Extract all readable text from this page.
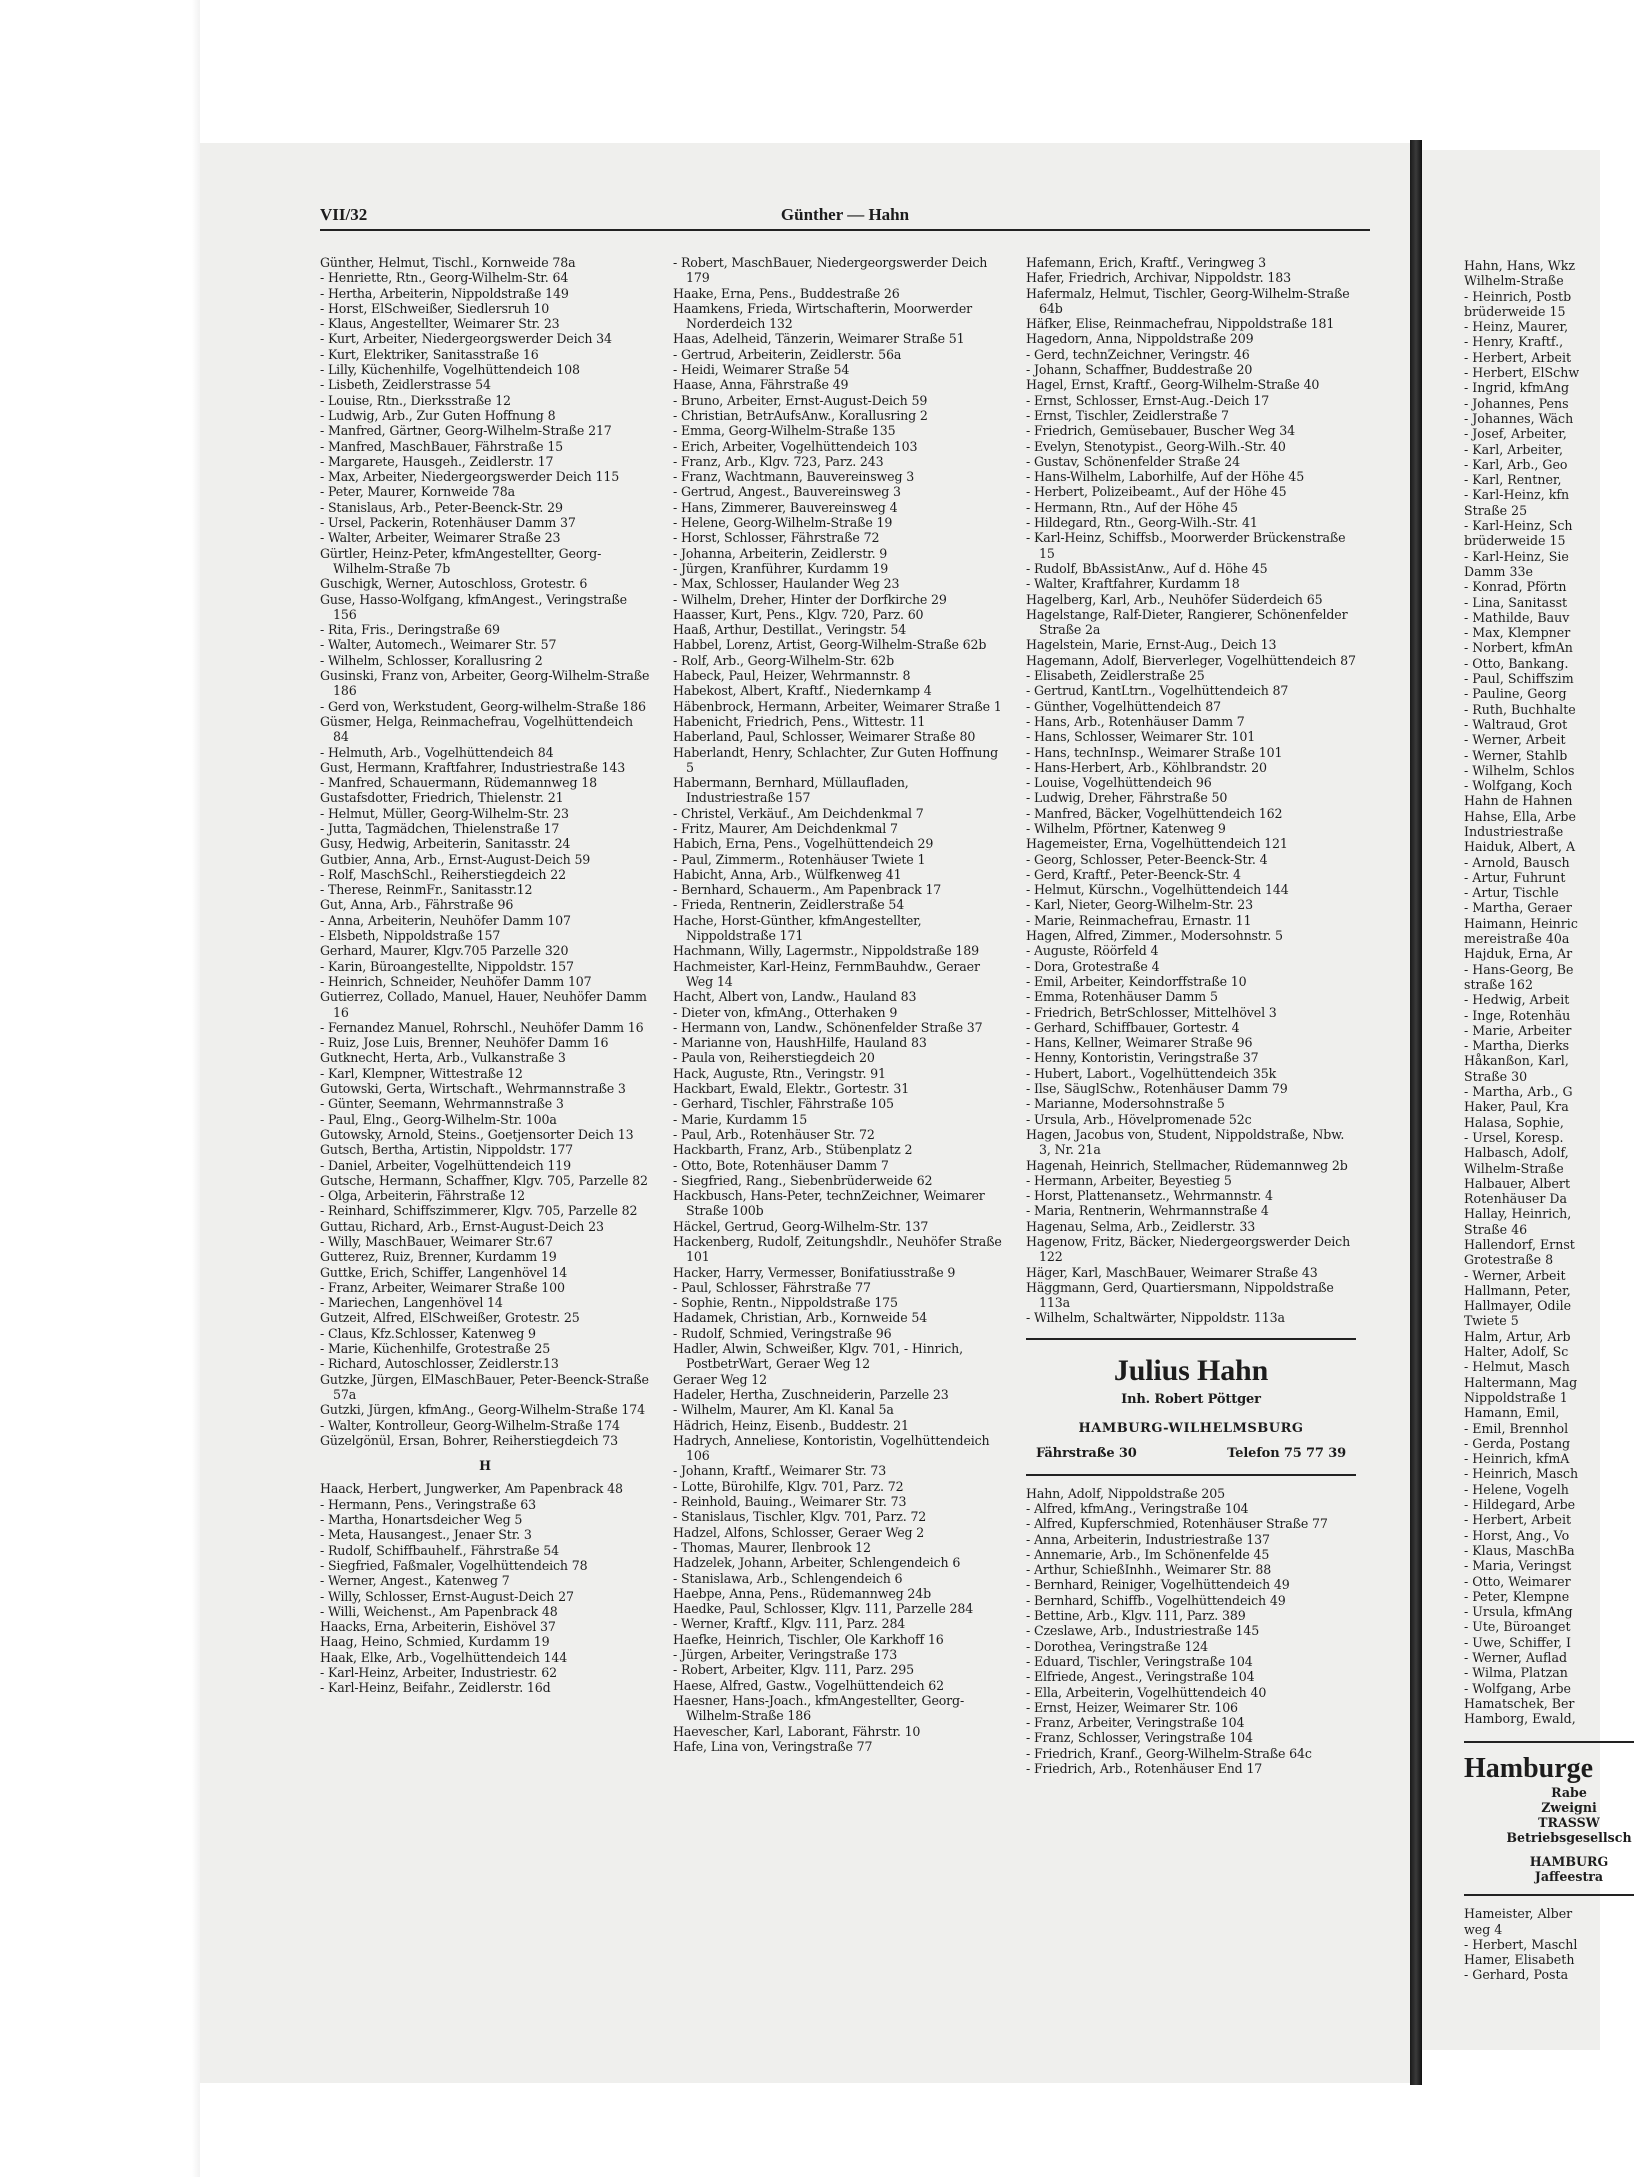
VII/32	Günther — Hahn
Günther, Helmut, Tischl., Kornweide 78a
- Henriette, Rtn., Georg-Wilhelm-Str. 64
- Hertha, Arbeiterin, Nippoldstraße 149
- Horst, ElSchweißer, Siedlersruh 10
- Klaus, Angestellter, Weimarer Str. 23
- Kurt, Arbeiter, Niedergeorgswerder Deich 34
- Kurt, Elektriker, Sanitasstraße 16
- Lilly, Küchenhilfe, Vogelhüttendeich 108
- Lisbeth, Zeidlerstrasse 54
- Louise, Rtn., Dierksstraße 12
- Ludwig, Arb., Zur Guten Hoffnung 8
- Manfred, Gärtner, Georg-Wilhelm-Straße 217
- Manfred, MaschBauer, Fährstraße 15
- Margarete, Hausgeh., Zeidlerstr. 17
- Max, Arbeiter, Niedergeorgswerder Deich 115
- Peter, Maurer, Kornweide 78a
- Stanislaus, Arb., Peter-Beenck-Str. 29
- Ursel, Packerin, Rotenhäuser Damm 37
- Walter, Arbeiter, Weimarer Straße 23
Gürtler, Heinz-Peter, kfmAngestellter, Georg-Wilhelm-Straße 7b
Guschigk, Werner, Autoschloss, Grotestr. 6
Guse, Hasso-Wolfgang, kfmAngest., Veringstraße 156
- Rita, Fris., Deringstraße 69
- Walter, Automech., Weimarer Str. 57
- Wilhelm, Schlosser, Korallusring 2
Gusinski, Franz von, Arbeiter, Georg-Wilhelm-Straße 186
- Gerd von, Werkstudent, Georg-wilhelm-Straße 186
Güsmer, Helga, Reinmachefrau, Vogelhüttendeich 84
- Helmuth, Arb., Vogelhüttendeich 84
Gust, Hermann, Kraftfahrer, Industriestraße 143
- Manfred, Schauermann, Rüdemannweg 18
Gustafsdotter, Friedrich, Thielenstr. 21
- Helmut, Müller, Georg-Wilhelm-Str. 23
- Jutta, Tagmädchen, Thielenstraße 17
Gusy, Hedwig, Arbeiterin, Sanitasstr. 24
Gutbier, Anna, Arb., Ernst-August-Deich 59
- Rolf, MaschSchl., Reiherstiegdeich 22
- Therese, ReinmFr., Sanitasstr.12
Gut, Anna, Arb., Fährstraße 96
- Anna, Arbeiterin, Neuhöfer Damm 107
- Elsbeth, Nippoldstraße 157
Gerhard, Maurer, Klgv.705 Parzelle 320
- Karin, Büroangestellte, Nippoldstr. 157
- Heinrich, Schneider, Neuhöfer Damm 107
Gutierrez, Collado, Manuel, Hauer, Neuhöfer Damm 16
- Fernandez Manuel, Rohrschl., Neuhöfer Damm 16
- Ruiz, Jose Luis, Brenner, Neuhöfer Damm 16
Gutknecht, Herta, Arb., Vulkanstraße 3
- Karl, Klempner, Wittestraße 12
Gutowski, Gerta, Wirtschaft., Wehrmannstraße 3
- Günter, Seemann, Wehrmannstraße 3
- Paul, Elng., Georg-Wilhelm-Str. 100a
Gutowsky, Arnold, Steins., Goetjensorter Deich 13
Gutsch, Bertha, Artistin, Nippoldstr. 177
- Daniel, Arbeiter, Vogelhüttendeich 119
Gutsche, Hermann, Schaffner, Klgv. 705, Parzelle 82
- Olga, Arbeiterin, Fährstraße 12
- Reinhard, Schiffszimmerer, Klgv. 705, Parzelle 82
Guttau, Richard, Arb., Ernst-August-Deich 23
- Willy, MaschBauer, Weimarer Str.67
Gutterez, Ruiz, Brenner, Kurdamm 19
Guttke, Erich, Schiffer, Langenhövel 14
- Franz, Arbeiter, Weimarer Straße 100
- Mariechen, Langenhövel 14
Gutzeit, Alfred, ElSchweißer, Grotestr. 25
- Claus, Kfz.Schlosser, Katenweg 9
- Marie, Küchenhilfe, Grotestraße 25
- Richard, Autoschlosser, Zeidlerstr.13
Gutzke, Jürgen, ElMaschBauer, Peter-Beenck-Straße 57a
Gutzki, Jürgen, kfmAng., Georg-Wilhelm-Straße 174
- Walter, Kontrolleur, Georg-Wilhelm-Straße 174
Güzelgönül, Ersan, Bohrer, Reiherstiegdeich 73
H
Haack, Herbert, Jungwerker, Am Papenbrack 48
- Hermann, Pens., Veringstraße 63
- Martha, Honartsdeicher Weg 5
- Meta, Hausangest., Jenaer Str. 3
- Rudolf, Schiffbauhelf., Fährstraße 54
- Siegfried, Faßmaler, Vogelhüttendeich 78
- Werner, Angest., Katenweg 7
- Willy, Schlosser, Ernst-August-Deich 27
- Willi, Weichenst., Am Papenbrack 48
Haacks, Erna, Arbeiterin, Eishövel 37
Haag, Heino, Schmied, Kurdamm 19
Haak, Elke, Arb., Vogelhüttendeich 144
- Karl-Heinz, Arbeiter, Industriestr. 62
- Karl-Heinz, Beifahr., Zeidlerstr. 16d
- Robert, MaschBauer, Niedergeorgswerder Deich 179
Haake, Erna, Pens., Buddestraße 26
Haamkens, Frieda, Wirtschafterin, Moorwerder Norderdeich 132
Haas, Adelheid, Tänzerin, Weimarer Straße 51
- Gertrud, Arbeiterin, Zeidlerstr. 56a
- Heidi, Weimarer Straße 54
Haase, Anna, Fährstraße 49
- Bruno, Arbeiter, Ernst-August-Deich 59
- Christian, BetrAufsAnw., Korallusring 2
- Emma, Georg-Wilhelm-Straße 135
- Erich, Arbeiter, Vogelhüttendeich 103
- Franz, Arb., Klgv. 723, Parz. 243
- Franz, Wachtmann, Bauvereinsweg 3
- Gertrud, Angest., Bauvereinsweg 3
- Hans, Zimmerer, Bauvereinsweg 4
- Helene, Georg-Wilhelm-Straße 19
- Horst, Schlosser, Fährstraße 72
- Johanna, Arbeiterin, Zeidlerstr. 9
- Jürgen, Kranführer, Kurdamm 19
- Max, Schlosser, Haulander Weg 23
- Wilhelm, Dreher, Hinter der Dorfkirche 29
Haasser, Kurt, Pens., Klgv. 720, Parz. 60
Haaß, Arthur, Destillat., Veringstr. 54
Habbel, Lorenz, Artist, Georg-Wilhelm-Straße 62b
- Rolf, Arb., Georg-Wilhelm-Str. 62b
Habeck, Paul, Heizer, Wehrmannstr. 8
Habekost, Albert, Kraftf., Niedernkamp 4
Häbenbrock, Hermann, Arbeiter, Weimarer Straße 1
Habenicht, Friedrich, Pens., Wittestr. 11
Haberland, Paul, Schlosser, Weimarer Straße 80
Haberlandt, Henry, Schlachter, Zur Guten Hoffnung 5
Habermann, Bernhard, Müllaufladen, Industriestraße 157
- Christel, Verkäuf., Am Deichdenkmal 7
- Fritz, Maurer, Am Deichdenkmal 7
Habich, Erna, Pens., Vogelhüttendeich 29
- Paul, Zimmerm., Rotenhäuser Twiete 1
Habicht, Anna, Arb., Wülfkenweg 41
- Bernhard, Schauerm., Am Papenbrack 17
- Frieda, Rentnerin, Zeidlerstraße 54
Hache, Horst-Günther, kfmAngestellter, Nippoldstraße 171
Hachmann, Willy, Lagermstr., Nippoldstraße 189
Hachmeister, Karl-Heinz, FernmBauhdw., Geraer Weg 14
Hacht, Albert von, Landw., Hauland 83
- Dieter von, kfmAng., Otterhaken 9
- Hermann von, Landw., Schönenfelder Straße 37
- Marianne von, HaushHilfe, Hauland 83
- Paula von, Reiherstiegdeich 20
Hack, Auguste, Rtn., Veringstr. 91
Hackbart, Ewald, Elektr., Gortestr. 31
- Gerhard, Tischler, Fährstraße 105
- Marie, Kurdamm 15
- Paul, Arb., Rotenhäuser Str. 72
Hackbarth, Franz, Arb., Stübenplatz 2
- Otto, Bote, Rotenhäuser Damm 7
- Siegfried, Rang., Siebenbrüderweide 62
Hackbusch, Hans-Peter, technZeichner, Weimarer Straße 100b
Häckel, Gertrud, Georg-Wilhelm-Str. 137
Hackenberg, Rudolf, Zeitungshdlr., Neuhöfer Straße 101
Hacker, Harry, Vermesser, Bonifatiusstraße 9
- Paul, Schlosser, Fährstraße 77
- Sophie, Rentn., Nippoldstraße 175
Hadamek, Christian, Arb., Kornweide 54
- Rudolf, Schmied, Veringstraße 96
Hadler, Alwin, Schweißer, Klgv. 701, - Hinrich, PostbetrWart, Geraer Weg 12
Geraer Weg 12
Hadeler, Hertha, Zuschneiderin, Parzelle 23
- Wilhelm, Maurer, Am Kl. Kanal 5a
Hädrich, Heinz, Eisenb., Buddestr. 21
Hadrych, Anneliese, Kontoristin, Vogelhüttendeich 106
- Johann, Kraftf., Weimarer Str. 73
- Lotte, Bürohilfe, Klgv. 701, Parz. 72
- Reinhold, Bauing., Weimarer Str. 73
- Stanislaus, Tischler, Klgv. 701, Parz. 72
Hadzel, Alfons, Schlosser, Geraer Weg 2
- Thomas, Maurer, Ilenbrook 12
Hadzelek, Johann, Arbeiter, Schlengendeich 6
- Stanislawa, Arb., Schlengendeich 6
Haebpe, Anna, Pens., Rüdemannweg 24b
Haedke, Paul, Schlosser, Klgv. 111, Parzelle 284
- Werner, Kraftf., Klgv. 111, Parz. 284
Haefke, Heinrich, Tischler, Ole Karkhoff 16
- Jürgen, Arbeiter, Veringstraße 173
- Robert, Arbeiter, Klgv. 111, Parz. 295
Haese, Alfred, Gastw., Vogelhüttendeich 62
Haesner, Hans-Joach., kfmAngestellter, Georg-Wilhelm-Straße 186
Haevescher, Karl, Laborant, Fährstr. 10
Hafe, Lina von, Veringstraße 77
Hafemann, Erich, Kraftf., Veringweg 3
Hafer, Friedrich, Archivar, Nippoldstr. 183
Hafermalz, Helmut, Tischler, Georg-Wilhelm-Straße 64b
Häfker, Elise, Reinmachefrau, Nippoldstraße 181
Hagedorn, Anna, Nippoldstraße 209
- Gerd, technZeichner, Veringstr. 46
- Johann, Schaffner, Buddestraße 20
Hagel, Ernst, Kraftf., Georg-Wilhelm-Straße 40
- Ernst, Schlosser, Ernst-Aug.-Deich 17
- Ernst, Tischler, Zeidlerstraße 7
- Friedrich, Gemüsebauer, Buscher Weg 34
- Evelyn, Stenotypist., Georg-Wilh.-Str. 40
- Gustav, Schönenfelder Straße 24
- Hans-Wilhelm, Laborhilfe, Auf der Höhe 45
- Herbert, Polizeibeamt., Auf der Höhe 45
- Hermann, Rtn., Auf der Höhe 45
- Hildegard, Rtn., Georg-Wilh.-Str. 41
- Karl-Heinz, Schiffsb., Moorwerder Brückenstraße 15
- Rudolf, BbAssistAnw., Auf d. Höhe 45
- Walter, Kraftfahrer, Kurdamm 18
Hagelberg, Karl, Arb., Neuhöfer Süderdeich 65
Hagelstange, Ralf-Dieter, Rangierer, Schönenfelder Straße 2a
Hagelstein, Marie, Ernst-Aug., Deich 13
Hagemann, Adolf, Bierverleger, Vogelhüttendeich 87
- Elisabeth, Zeidlerstraße 25
- Gertrud, KantLtrn., Vogelhüttendeich 87
- Günther, Vogelhüttendeich 87
- Hans, Arb., Rotenhäuser Damm 7
- Hans, Schlosser, Weimarer Str. 101
- Hans, technInsp., Weimarer Straße 101
- Hans-Herbert, Arb., Köhlbrandstr. 20
- Louise, Vogelhüttendeich 96
- Ludwig, Dreher, Fährstraße 50
- Manfred, Bäcker, Vogelhüttendeich 162
- Wilhelm, Pförtner, Katenweg 9
Hagemeister, Erna, Vogelhüttendeich 121
- Georg, Schlosser, Peter-Beenck-Str. 4
- Gerd, Kraftf., Peter-Beenck-Str. 4
- Helmut, Kürschn., Vogelhüttendeich 144
- Karl, Nieter, Georg-Wilhelm-Str. 23
- Marie, Reinmachefrau, Ernastr. 11
Hagen, Alfred, Zimmer., Modersohnstr. 5
- Auguste, Röörfeld 4
- Dora, Grotestraße 4
- Emil, Arbeiter, Keindorffstraße 10
- Emma, Rotenhäuser Damm 5
- Friedrich, BetrSchlosser, Mittelhövel 3
- Gerhard, Schiffbauer, Gortestr. 4
- Hans, Kellner, Weimarer Straße 96
- Henny, Kontoristin, Veringstraße 37
- Hubert, Labort., Vogelhüttendeich 35k
- Ilse, SäuglSchw., Rotenhäuser Damm 79
- Marianne, Modersohnstraße 5
- Ursula, Arb., Hövelpromenade 52c
Hagen, Jacobus von, Student, Nippoldstraße, Nbw. 3, Nr. 21a
Hagenah, Heinrich, Stellmacher, Rüdemannweg 2b
- Hermann, Arbeiter, Beyestieg 5
- Horst, Plattenansetz., Wehrmannstr. 4
- Maria, Rentnerin, Wehrmannstraße 4
Hagenau, Selma, Arb., Zeidlerstr. 33
Hagenow, Fritz, Bäcker, Niedergeorgswerder Deich 122
Häger, Karl, MaschBauer, Weimarer Straße 43
Häggmann, Gerd, Quartiersmann, Nippoldstraße 113a
- Wilhelm, Schaltwärter, Nippoldstr. 113a
Julius Hahn
Inh. Robert Pöttger
HAMBURG-WILHELMSBURG
Fährstraße 30	Telefon 75 77 39
Hahn, Adolf, Nippoldstraße 205
- Alfred, kfmAng., Veringstraße 104
- Alfred, Kupferschmied, Rotenhäuser Straße 77
- Anna, Arbeiterin, Industriestraße 137
- Annemarie, Arb., Im Schönenfelde 45
- Arthur, SchießInhh., Weimarer Str. 88
- Bernhard, Reiniger, Vogelhüttendeich 49
- Bernhard, Schiffb., Vogelhüttendeich 49
- Bettine, Arb., Klgv. 111, Parz. 389
- Czeslawe, Arb., Industriestraße 145
- Dorothea, Veringstraße 124
- Eduard, Tischler, Veringstraße 104
- Elfriede, Angest., Veringstraße 104
- Ella, Arbeiterin, Vogelhüttendeich 40
- Ernst, Heizer, Weimarer Str. 106
- Franz, Arbeiter, Veringstraße 104
- Franz, Schlosser, Veringstraße 104
- Friedrich, Kranf., Georg-Wilhelm-Straße 64c
- Friedrich, Arb., Rotenhäuser End 17
Hahn, Hans, Wkz
Wilhelm-Straße
- Heinrich, Postb
brüderweide 15
- Heinz, Maurer,
- Henry, Kraftf.,
- Herbert, Arbeit
- Herbert, ElSchw
- Ingrid, kfmAng
- Johannes, Pens
- Johannes, Wäch
- Josef, Arbeiter,
- Karl, Arbeiter,
- Karl, Arb., Geo
- Karl, Rentner,
- Karl-Heinz, kfn
Straße 25
- Karl-Heinz, Sch
brüderweide 15
- Karl-Heinz, Sie
Damm 33e
- Konrad, Pförtn
- Lina, Sanitasst
- Mathilde, Bauv
- Max, Klempner
- Norbert, kfmAn
- Otto, Bankang.
- Paul, Schiffszim
- Pauline, Georg
- Ruth, Buchhalte
- Waltraud, Grot
- Werner, Arbeit
- Werner, Stahlb
- Wilhelm, Schlos
- Wolfgang, Koch
Hahn de Hahnen
Hahse, Ella, Arbe
Industriestraße
Haiduk, Albert, A
- Arnold, Bausch
- Artur, Fuhrunt
- Artur, Tischle
- Martha, Geraer
Haimann, Heinric
mereistraße 40a
Hajduk, Erna, Ar
- Hans-Georg, Be
straße 162
- Hedwig, Arbeit
- Inge, Rotenhäu
- Marie, Arbeiter
- Martha, Dierks
Håkanßon, Karl,
Straße 30
- Martha, Arb., G
Haker, Paul, Kra
Halasa, Sophie,
- Ursel, Koresp.
Halbasch, Adolf,
Wilhelm-Straße
Halbauer, Albert
Rotenhäuser Da
Hallay, Heinrich,
Straße 46
Hallendorf, Ernst
Grotestraße 8
- Werner, Arbeit
Hallmann, Peter,
Hallmayer, Odile
Twiete 5
Halm, Artur, Arb
Halter, Adolf, Sc
- Helmut, Masch
Haltermann, Mag
Nippoldstraße 1
Hamann, Emil,
- Emil, Brennhol
- Gerda, Postang
- Heinrich, kfmA
- Heinrich, Masch
- Helene, Vogelh
- Hildegard, Arbe
- Herbert, Arbeit
- Horst, Ang., Vo
- Klaus, MaschBa
- Maria, Veringst
- Otto, Weimarer
- Peter, Klempne
- Ursula, kfmAng
- Ute, Büroanget
- Uwe, Schiffer, I
- Werner, Auflad
- Wilma, Platzan
- Wolfgang, Arbe
Hamatschek, Ber
Hamborg, Ewald,
Hamburge
Rabe
Zweigni
TRASSW
Betriebsgesellsch
HAMBURG
Jaffeestra
Hameister, Alber
weg 4
- Herbert, Maschl
Hamer, Elisabeth
- Gerhard, Posta
